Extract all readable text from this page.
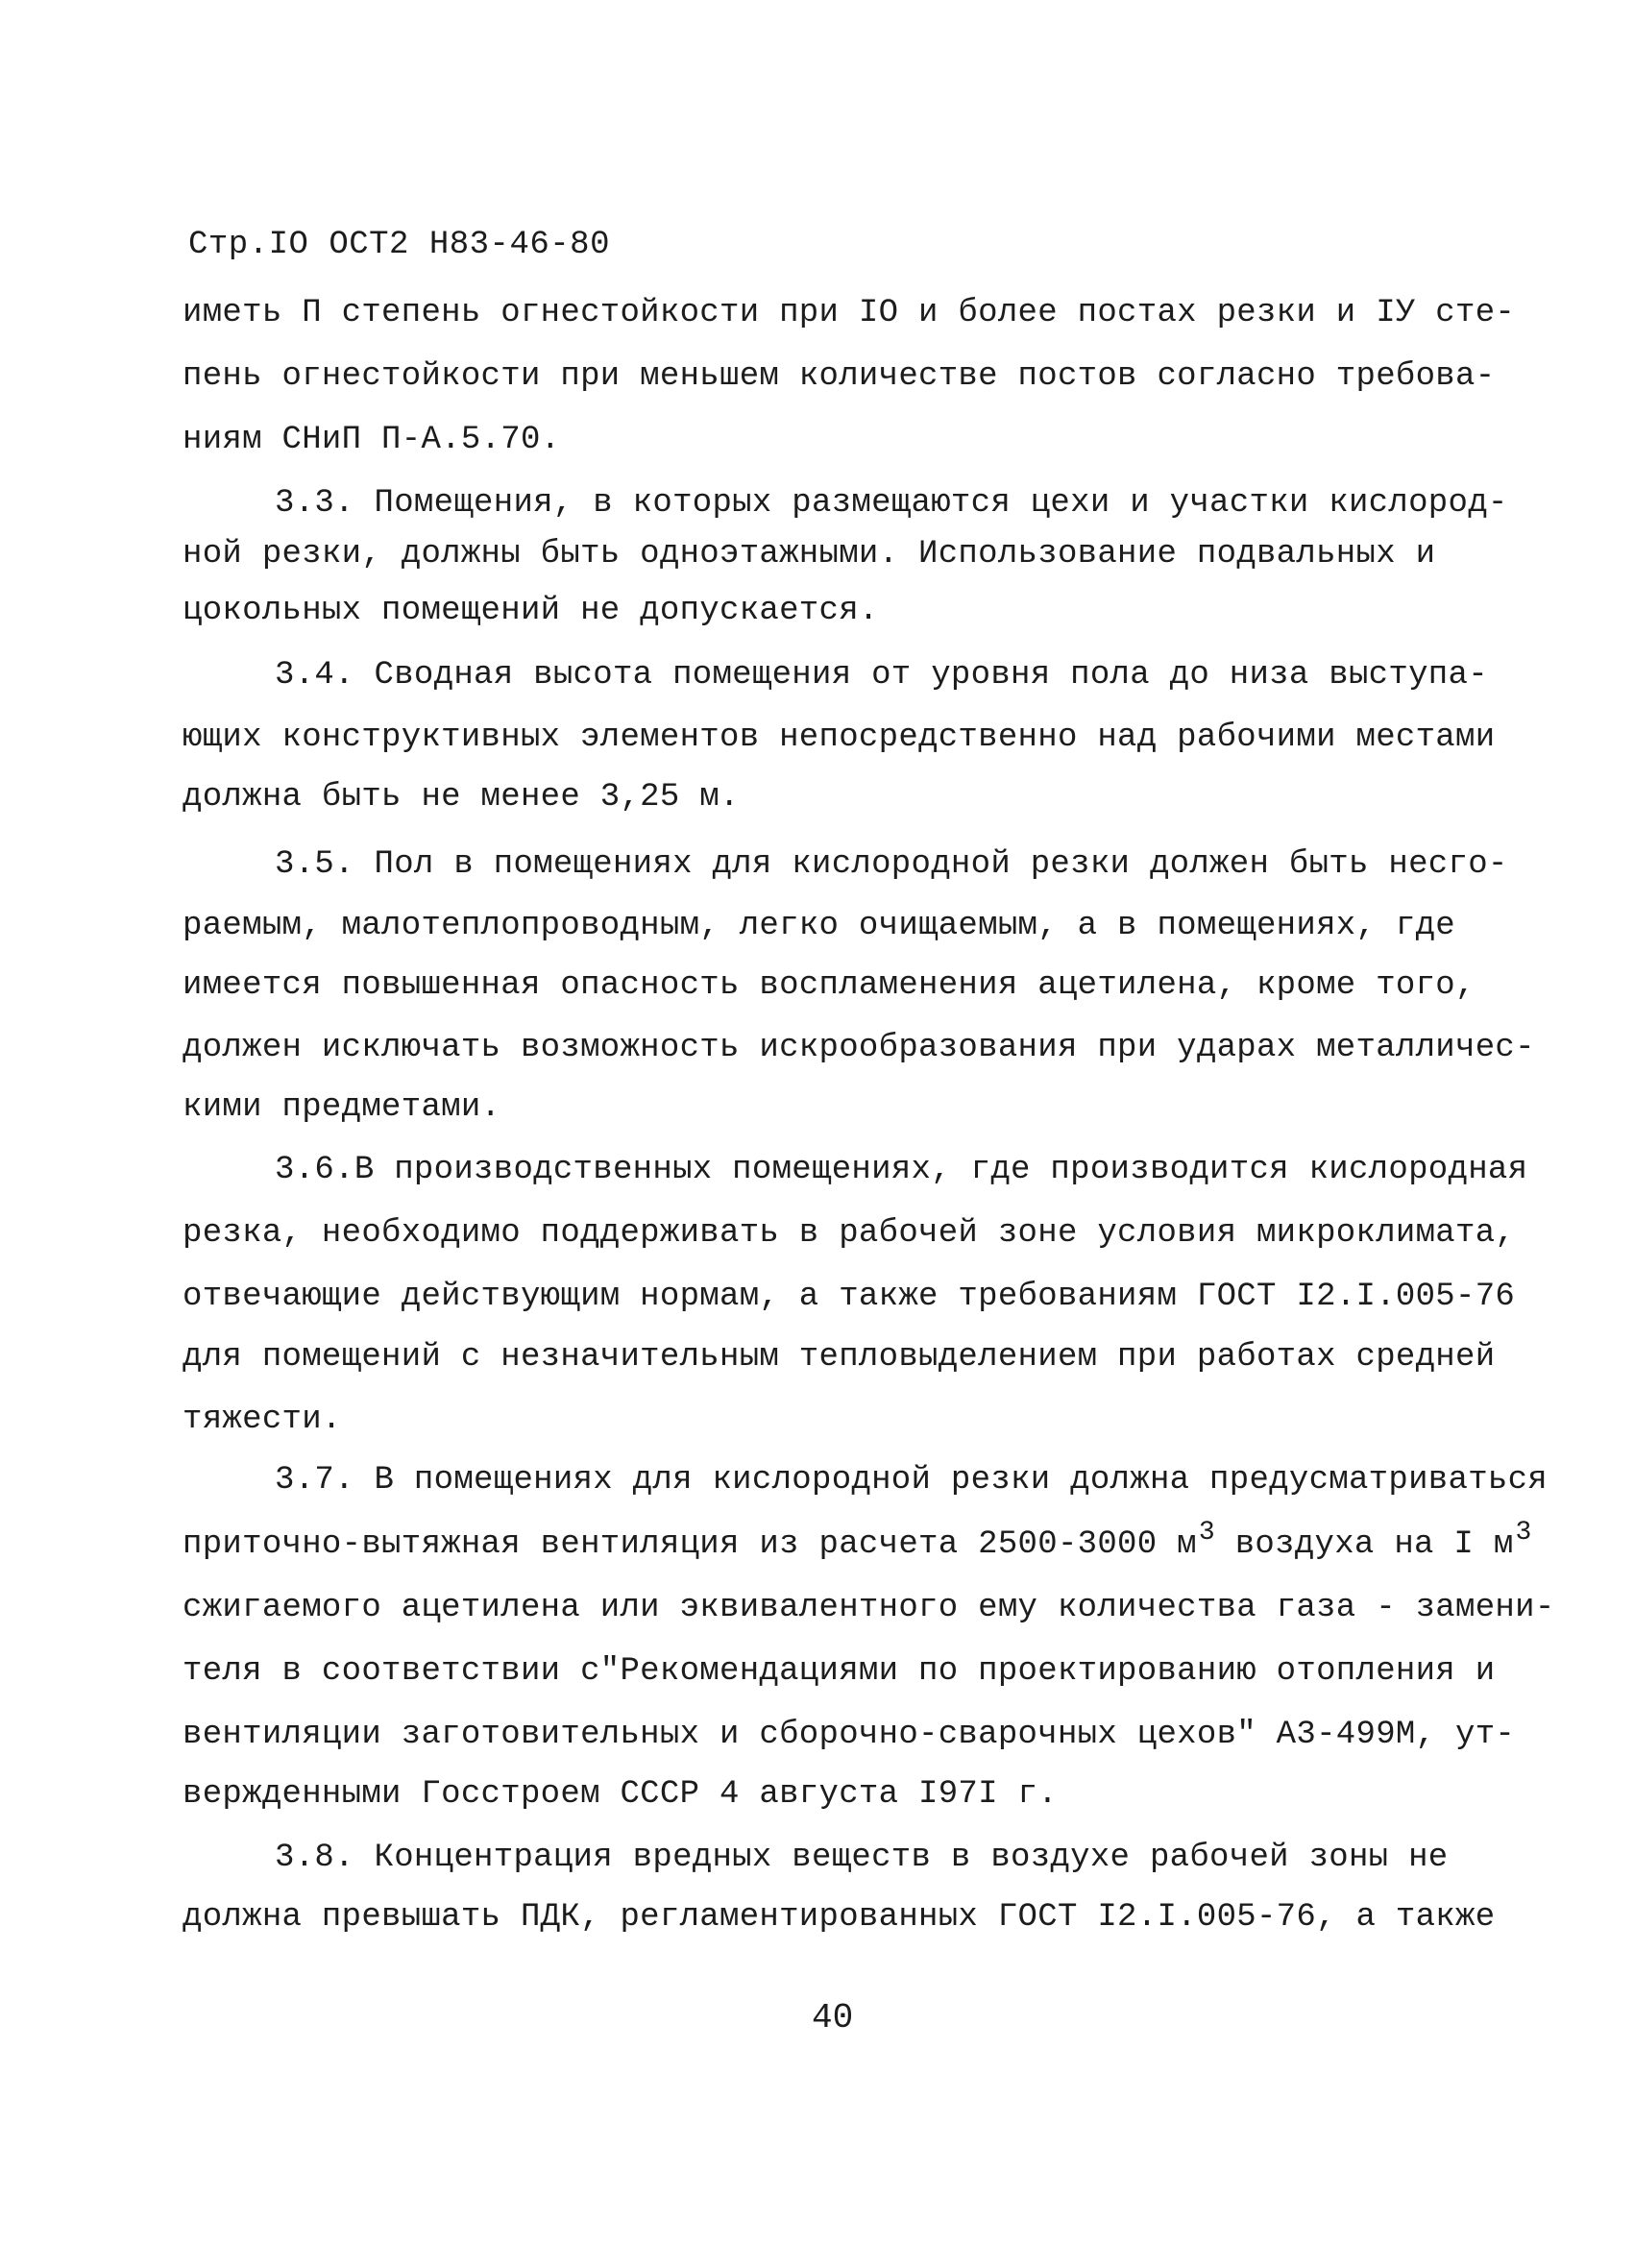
Стр.IO ОСТ2 Н83-46-80
иметь П степень огнестойкости при IO и более постах резки и IУ сте-
пень огнестойкости при меньшем количестве постов согласно требова-
ниям СНиП П-А.5.70.
3.3. Помещения, в которых размещаются цехи и участки кислород-
ной резки, должны быть одноэтажными. Использование подвальных и
цокольных помещений не допускается.
3.4. Сводная высота помещения от уровня пола до низа выступа-
ющих конструктивных элементов непосредственно над рабочими местами
должна быть не менее 3,25 м.
3.5. Пол в помещениях для кислородной резки должен быть несго-
раемым, малотеплопроводным, легко очищаемым, а в помещениях, где
имеется повышенная опасность воспламенения ацетилена, кроме того,
должен исключать возможность искрообразования при ударах металличес-
кими предметами.
3.6.В производственных помещениях, где производится кислородная
резка, необходимо поддерживать в рабочей зоне условия микроклимата,
отвечающие действующим нормам, а также требованиям ГОСТ I2.I.005-76
для помещений с незначительным тепловыделением при работах средней
тяжести.
3.7. В помещениях для кислородной резки должна предусматриваться
приточно-вытяжная вентиляция из расчета 2500-3000 $м^3$ воздуха на I $м^3$
сжигаемого ацетилена или эквивалентного ему количества газа - замени-
теля в соответствии с"Рекомендациями по проектированию отопления и
вентиляции заготовительных и сборочно-сварочных цехов" А3-499М, ут-
вержденными Госстроем СССР 4 августа I97I г.
3.8. Концентрация вредных веществ в воздухе рабочей зоны не
должна превышать ПДК, регламентированных ГОСТ I2.I.005-76, а также
40
